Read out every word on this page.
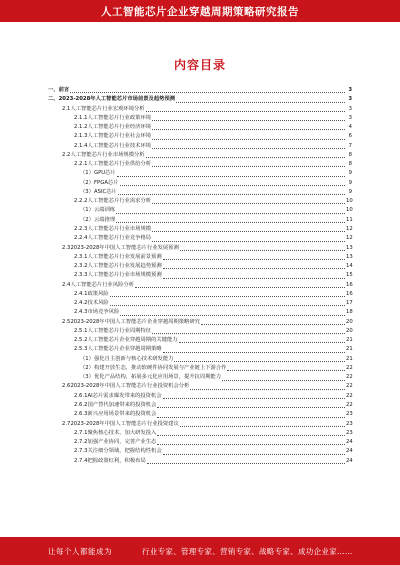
人工智能芯片企业穿越周期策略研究报告
内容目录
一、 前言	3
二、 2023-2028年人工智能芯片市场前景及趋势预测	3
2.1 人工智能芯片行业宏观环境分析	3
2.1.1 人工智能芯片行业政策环境	3
2.1.2 人工智能芯片行业经济环境	4
2.1.3 人工智能芯片行业社会环境	6
2.1.4 人工智能芯片行业技术环境	7
2.2 人工智能芯片行业市场规模分析	8
2.2.1 人工智能芯片行业供给分析	8
（1） GPU芯片	9
（2） FPGA芯片	9
（3） ASIC芯片	9
2.2.2 人工智能芯片行业需求分析	10
（1） 云端训练	10
（2） 云端推理	11
2.2.3 人工智能芯片行业市场规模	12
2.2.4 人工智能芯片行业竞争格局	12
2.3 2023-2028年中国人工智能芯片行业发展预测	13
2.3.1 人工智能芯片行业发展前景预测	13
2.3.2 人工智能芯片行业发展趋势预测	14
2.3.3 人工智能芯片行业市场规模预测	15
2.4 人工智能芯片行业风险分析	16
2.4.1 政策风险	16
2.4.2 技术风险	17
2.4.3 市场竞争风险	18
2.5 2023-2028年中国人工智能芯片企业穿越周期策略研究	20
2.5.1 人工智能芯片行业周期特征	20
2.5.2 人工智能芯片企业穿越周期的关键能力	21
2.5.3 人工智能芯片企业穿越周期策略	21
（1） 强化自主创新与核心技术研发能力	21
（2） 构建开放生态，推动软硬件协同发展与产业链上下游合作	22
（3） 优化产品结构，拓展多元化应用场景，提升抗周期能力	22
2.6 2023-2028年中国人工智能芯片行业投资机会分析	22
2.6.1 AI芯片需求爆发带来的投资机会	22
2.6.2 国产替代加速带来的投资机会	22
2.6.3 新兴应用场景带来的投资机会	23
2.7 2023-2028年中国人工智能芯片行业投资建议	23
2.7.1 聚焦核心技术，加大研发投入	23
2.7.2 加强产业协同，完善产业生态	24
2.7.3 关注细分领域，把握结构性机会	24
2.7.4 把握政策红利，积极布局	24
让每个人都能成为	行业专家、管理专家、营销专家、战略专家、成功企业家……
